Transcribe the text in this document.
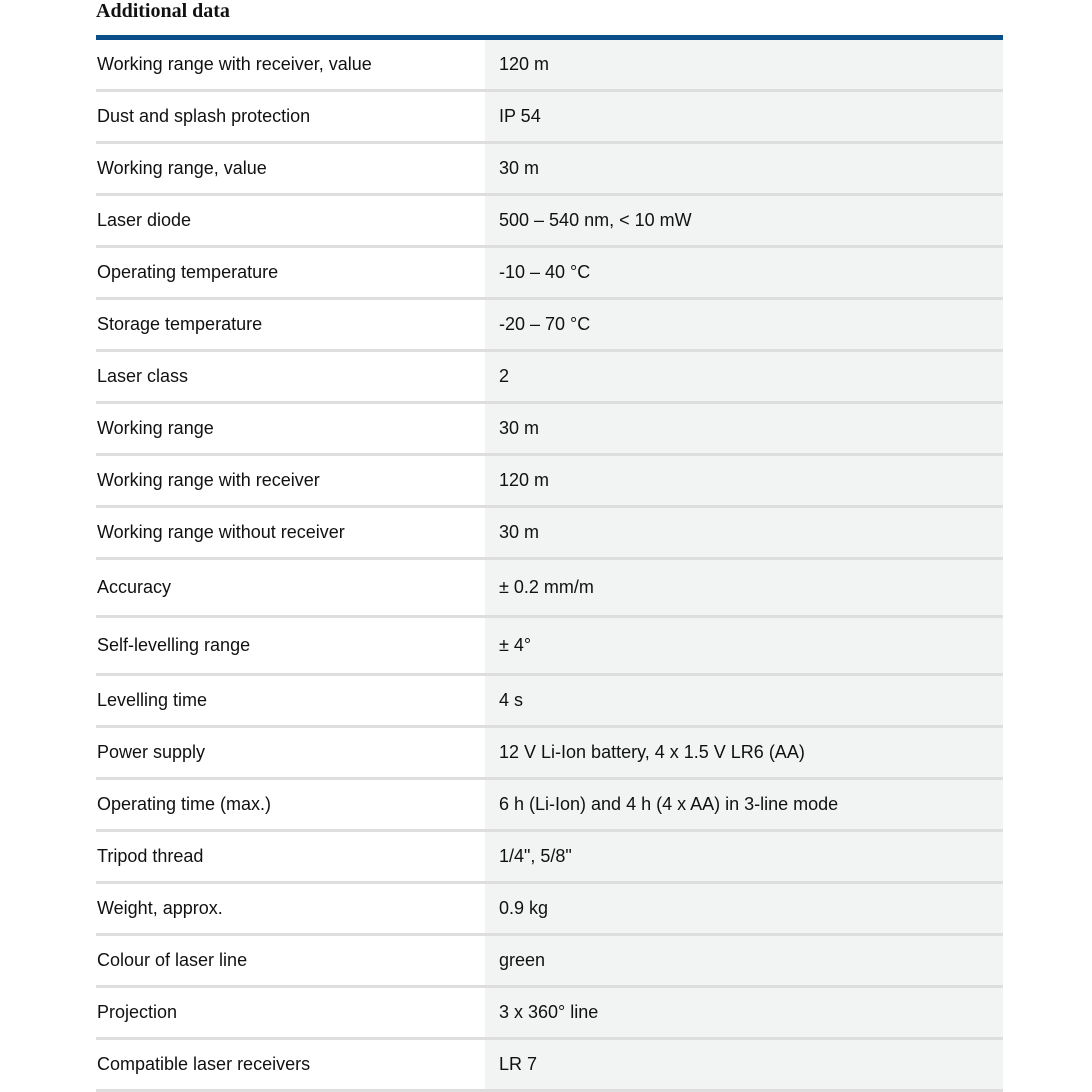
Additional data
Working range with receiver, value	120 m
Dust and splash protection	IP 54
Working range, value	30 m
Laser diode	500 – 540 nm, < 10 mW
Operating temperature	-10 – 40 °C
Storage temperature	-20 – 70 °C
Laser class	2
Working range	30 m
Working range with receiver	120 m
Working range without receiver	30 m
Accuracy	± 0.2 mm/m
Self-levelling range	± 4°
Levelling time	4 s
Power supply	12 V Li-Ion battery, 4 x 1.5 V LR6 (AA)
Operating time (max.)	6 h (Li-Ion) and 4 h (4 x AA) in 3-line mode
Tripod thread	1/4", 5/8"
Weight, approx.	0.9 kg
Colour of laser line	green
Projection	3 x 360° line
Compatible laser receivers	LR 7
